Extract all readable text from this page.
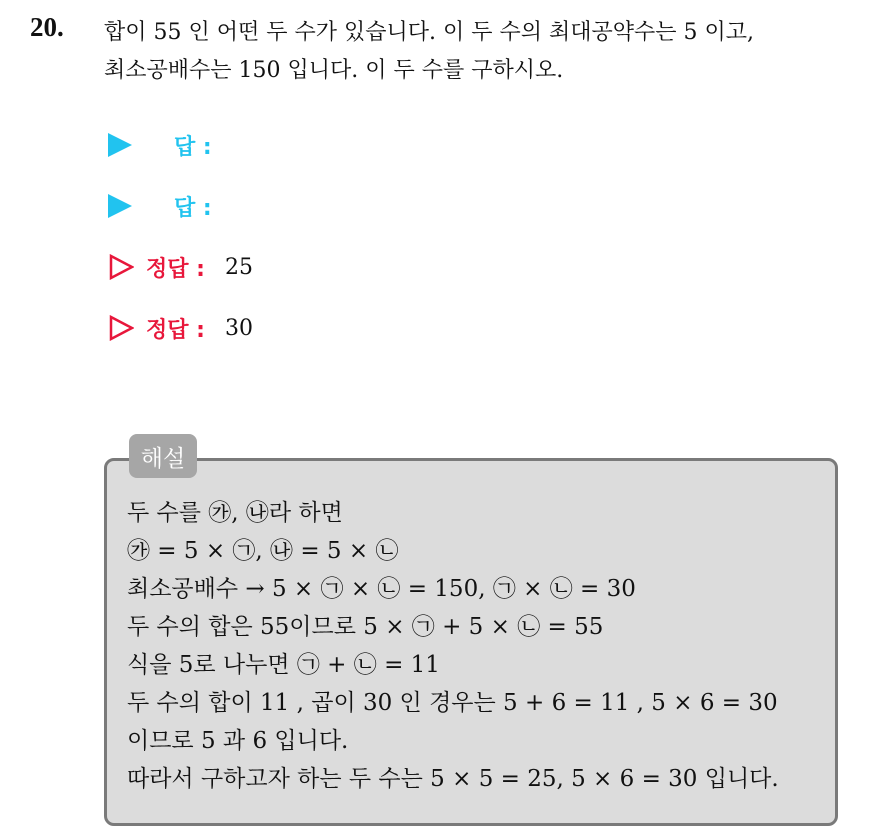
20. 합이 55 인 어떤 두 수가 있습니다. 이 두 수의 최대공약수는 5 이고,
최소공배수는 150 입니다. 이 두 수를 구하시오.
답 :
답 :
정답 : 25
정답 : 30
해설
두 수를 ㉮, ㉯라 하면
㉮ = 5 × ㉠, ㉯ = 5 × ㉡
최소공배수 → 5 × ㉠ × ㉡ = 150, ㉠ × ㉡ = 30
두 수의 합은 55이므로 5 × ㉠ + 5 × ㉡ = 55
식을 5로 나누면 ㉠ + ㉡ = 11
두 수의 합이 11 , 곱이 30 인 경우는 5 + 6 = 11 , 5 × 6 = 30
이므로 5 과 6 입니다.
따라서 구하고자 하는 두 수는 5 × 5 = 25, 5 × 6 = 30 입니다.
